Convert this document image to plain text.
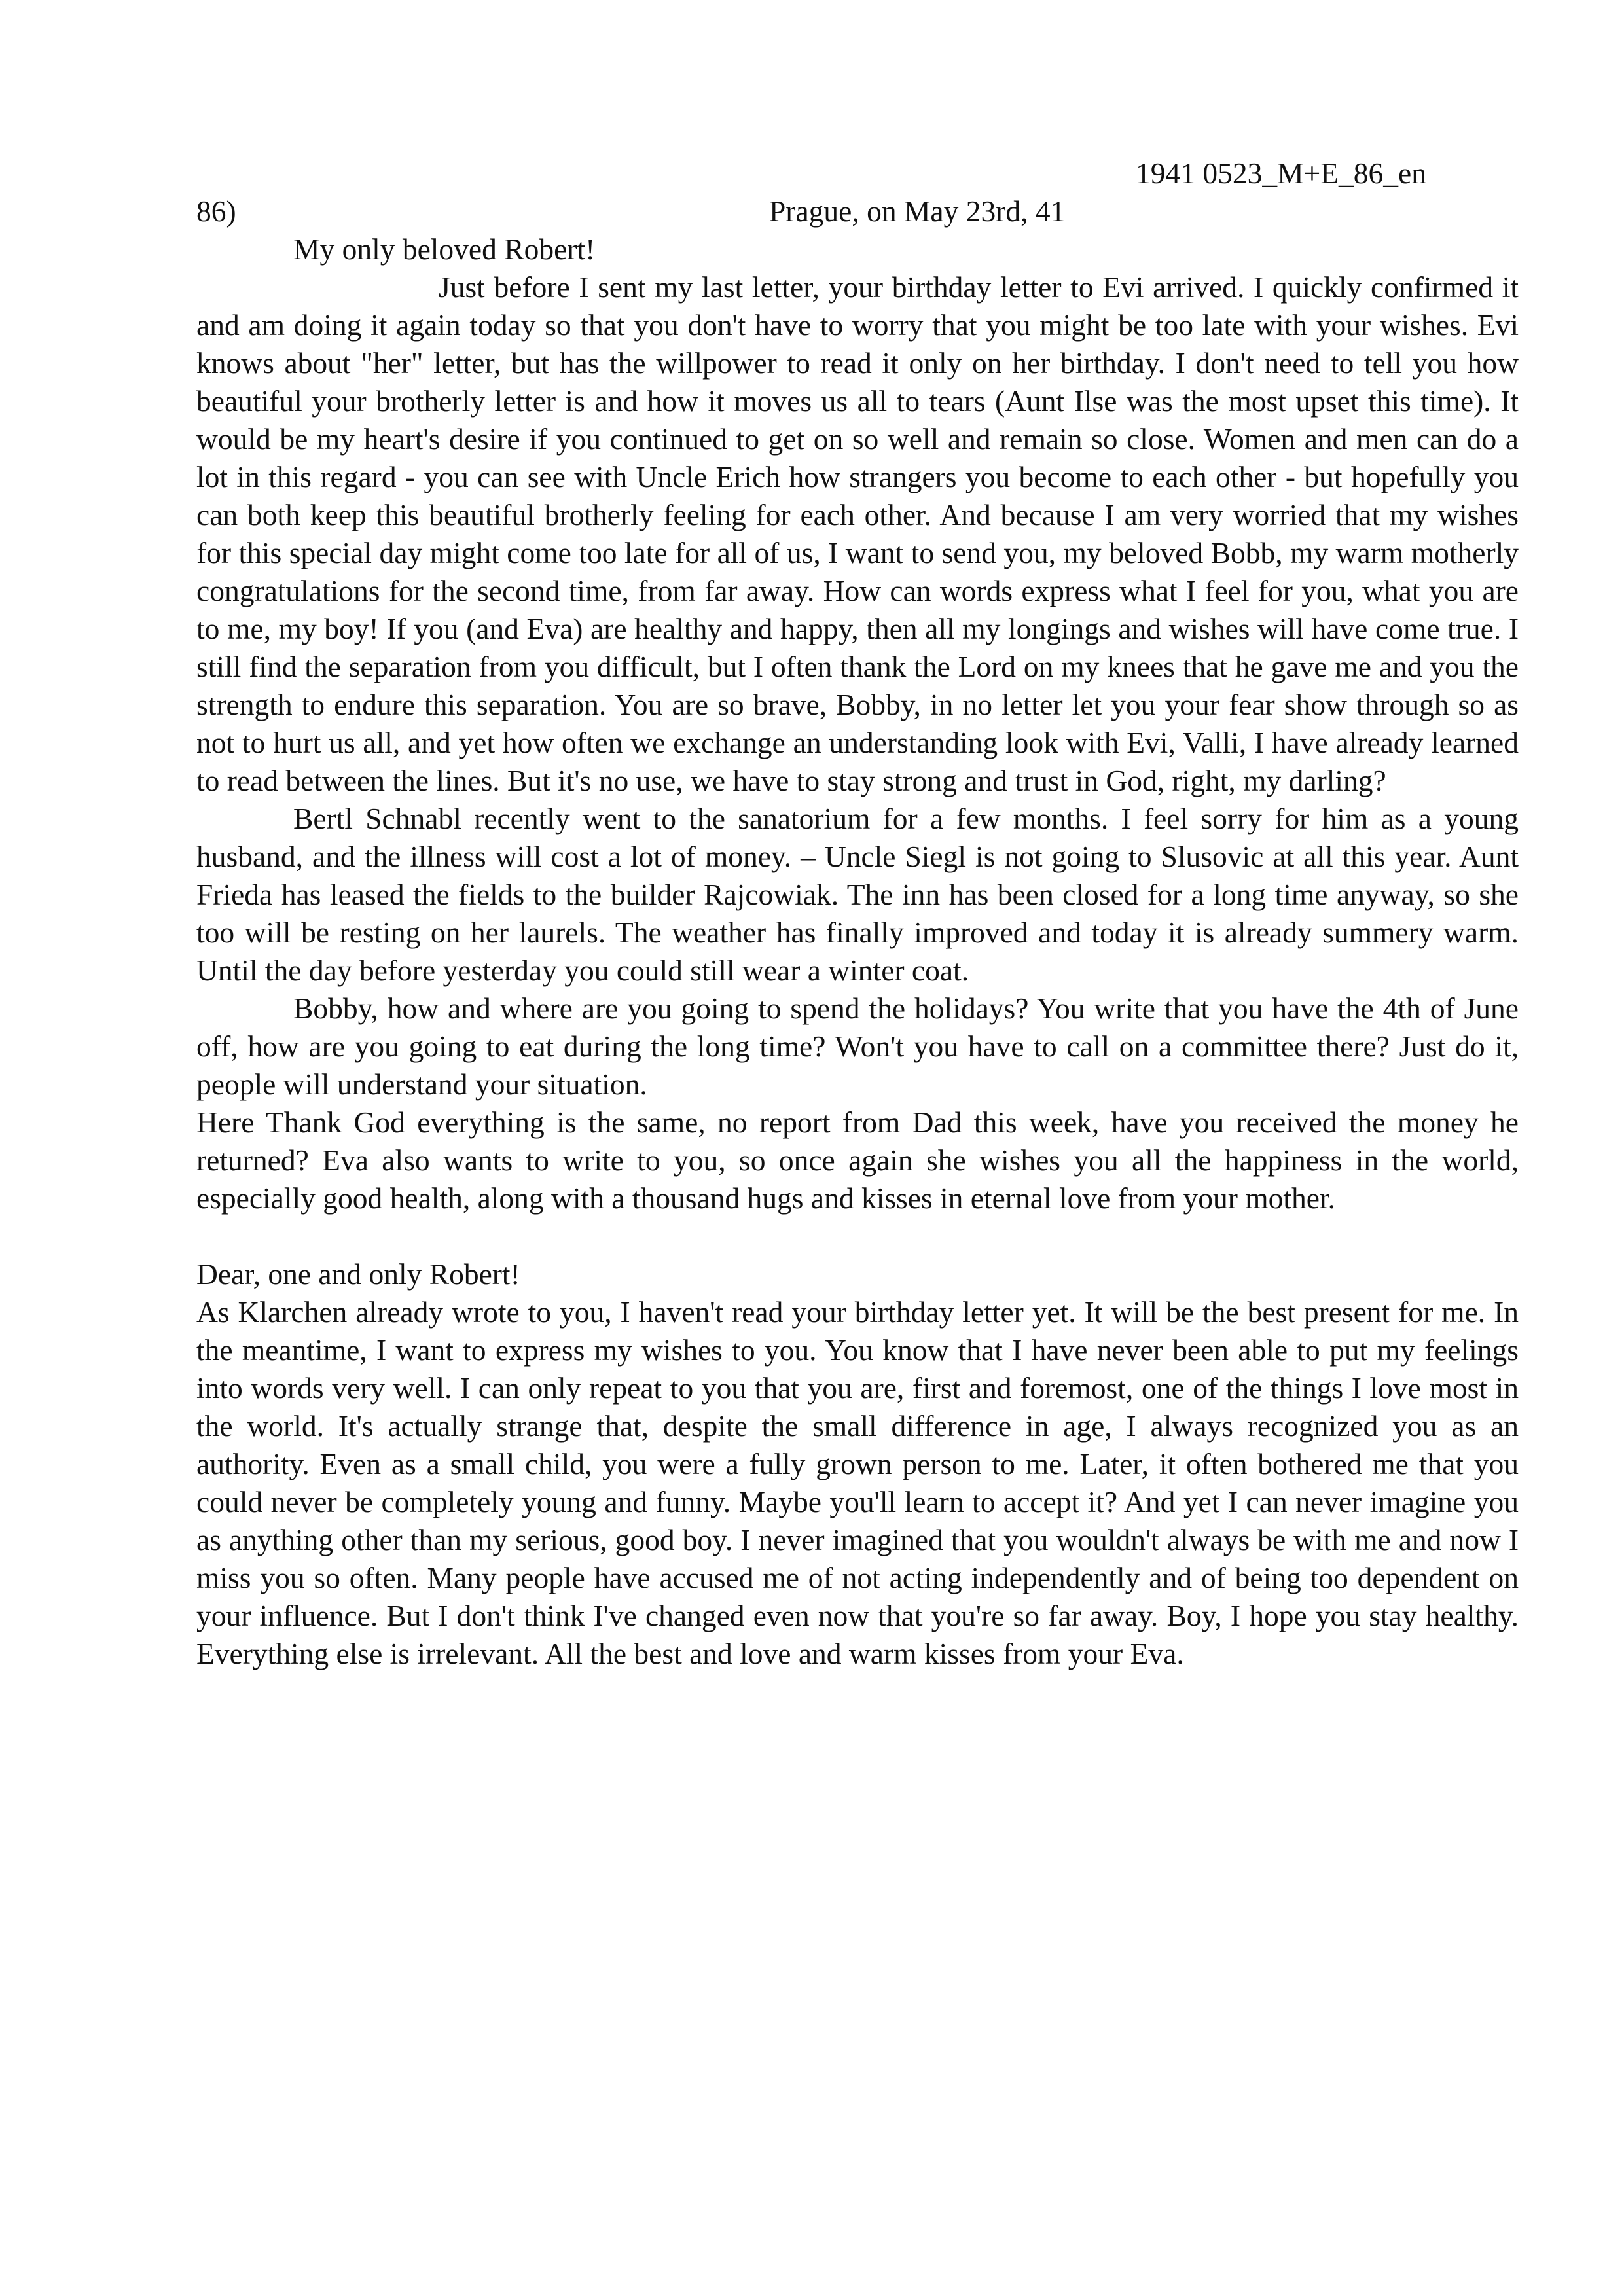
1941 0523_M+E_86_en
86)	Prague, on May 23rd, 41

My only beloved Robert!

Just before I sent my last letter, your birthday letter to Evi arrived. I quickly confirmed it and am doing it again today so that you don't have to worry that you might be too late with your wishes. Evi knows about "her" letter, but has the willpower to read it only on her birthday. I don't need to tell you how beautiful your brotherly letter is and how it moves us all to tears (Aunt Ilse was the most upset this time). It would be my heart's desire if you continued to get on so well and remain so close. Women and men can do a lot in this regard - you can see with Uncle Erich how strangers you become to each other - but hopefully you can both keep this beautiful brotherly feeling for each other. And because I am very worried that my wishes for this special day might come too late for all of us, I want to send you, my beloved Bobb, my warm motherly congratulations for the second time, from far away. How can words express what I feel for you, what you are to me, my boy! If you (and Eva) are healthy and happy, then all my longings and wishes will have come true. I still find the separation from you difficult, but I often thank the Lord on my knees that he gave me and you the strength to endure this separation. You are so brave, Bobby, in no letter let you your fear show through so as not to hurt us all, and yet how often we exchange an understanding look with Evi, Valli, I have already learned to read between the lines. But it's no use, we have to stay strong and trust in God, right, my darling?

Bertl Schnabl recently went to the sanatorium for a few months. I feel sorry for him as a young husband, and the illness will cost a lot of money. – Uncle Siegl is not going to Slusovic at all this year. Aunt Frieda has leased the fields to the builder Rajcowiak. The inn has been closed for a long time anyway, so she too will be resting on her laurels. The weather has finally improved and today it is already summery warm. Until the day before yesterday you could still wear a winter coat.

Bobby, how and where are you going to spend the holidays? You write that you have the 4th of June off, how are you going to eat during the long time? Won't you have to call on a committee there? Just do it, people will understand your situation.

Here Thank God everything is the same, no report from Dad this week, have you received the money he returned? Eva also wants to write to you, so once again she wishes you all the happiness in the world, especially good health, along with a thousand hugs and kisses in eternal love from your mother.

Dear, one and only Robert!

As Klarchen already wrote to you, I haven't read your birthday letter yet. It will be the best present for me. In the meantime, I want to express my wishes to you. You know that I have never been able to put my feelings into words very well. I can only repeat to you that you are, first and foremost, one of the things I love most in the world. It's actually strange that, despite the small difference in age, I always recognized you as an authority. Even as a small child, you were a fully grown person to me. Later, it often bothered me that you could never be completely young and funny. Maybe you'll learn to accept it? And yet I can never imagine you as anything other than my serious, good boy. I never imagined that you wouldn't always be with me and now I miss you so often. Many people have accused me of not acting independently and of being too dependent on your influence. But I don't think I've changed even now that you're so far away. Boy, I hope you stay healthy. Everything else is irrelevant. All the best and love and warm kisses from your Eva.
